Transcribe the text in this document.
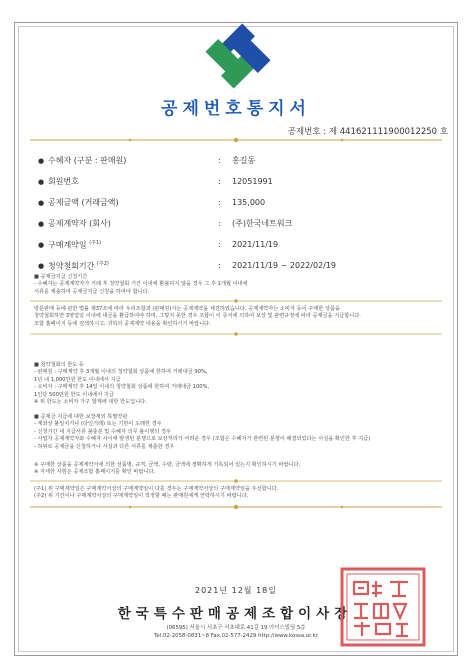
공제번호통지서
공제번호 : 제 441621111900012250 호
● 수혜자 (구분 : 판매원)	:	홍길동
● 회원번호	:	12051991
● 공제금액 (거래금액)	:	135,000
● 공제계약자 (회사)	:	(주)한국네트워크
● 구매계약일 $^{(주1)}$	:	2021/11/19
● 청약철회기간 $^{(주2)}$	:	2021/11/19 ~ 2022/02/19

■ 공제금지급 신청기간

- 수혜자는 공제계약자가 거래 후 청약철회 기간 이내에 환불하지 않을 경우 그 후 1개월 이내에

서류를 제출하여 공제금지급 신청을 하여야 합니다.

방문판매 등에 관한 법률 제37조에 따라 우리조합과 (판매원)사는 공제계약을 체결하였습니다. 공제계약자는 소비자 등이 구매한 상품을

청약철회하면 3영업일 이내에 대금을 환급하여야 하며, 그렇지 못한 경우 조합이 이 증서에 의하여 보상 및 관련규정에 따라 공제금을 지급합니다.

조합 홈페이지 등에 검색하시고, 귀하의 공제계약 내용을 확인하시기 바랍니다.

■ 청약철회의 한도 등

- 판매원 : 구매계약 후 3개월 이내의 청약철회 상품에 한하여 거래대금 90%,

1년 내 1,000만원 한도 이내에서 지급

- 소비자 : 구매계약 후 14일 이내의 청약철회 상품에 한하여 거래대금 100%,

1인당 500만원 한도 이내에서 지급

※ 위 한도는 소비자 가구 합계에 대한 한도입니다.

■ 공제금 지급에 대한 보장제외 특별약관

- 계좌상 불일치거나 (타인거래) 또는 기한이 도래한 경우

- 신청기간 내 지급서류 불충분 및 수혜자 의무 불이행의 경우

- 사업자 공제계약자와 수혜자 사이에 발생된 분쟁으로 보상처리가 어려운 경우 (조합은 수혜자가 관련된 분쟁이 해결되었다는 사실을 확인한 후 지급)

- 허위로 공제금을 신청하거나 사실과 다른 서류를 제출한 경우

※ 구매한 상품을 공제계약서에 의한 상품명, 규격, 금액, 수량, 금액에 정확하게 기록되어 있는지 확인하시기 바랍니다.

※ 자세한 사항은 공제조합 홈페이지를 확인 바랍니다.

(주1) 위 구매계약일은 구매계약서상의 구매계약일이 다를 경우는 구매계약서상의 구매계약일을 우선합니다.

(주2) 위 기간이나 구매계약서상의 구매계약일이 적정할 때는 판매원에게 연락하시기 바랍니다.

2021년 12월 18일
한국특수판매공제조합이사장
(06595) 서울시 서초구 서초대로 41길 19 아이스빌딩 5층
Tel.02-2058-0831~8 Fax.02-577-2429 http://www.kossa.or.kr
